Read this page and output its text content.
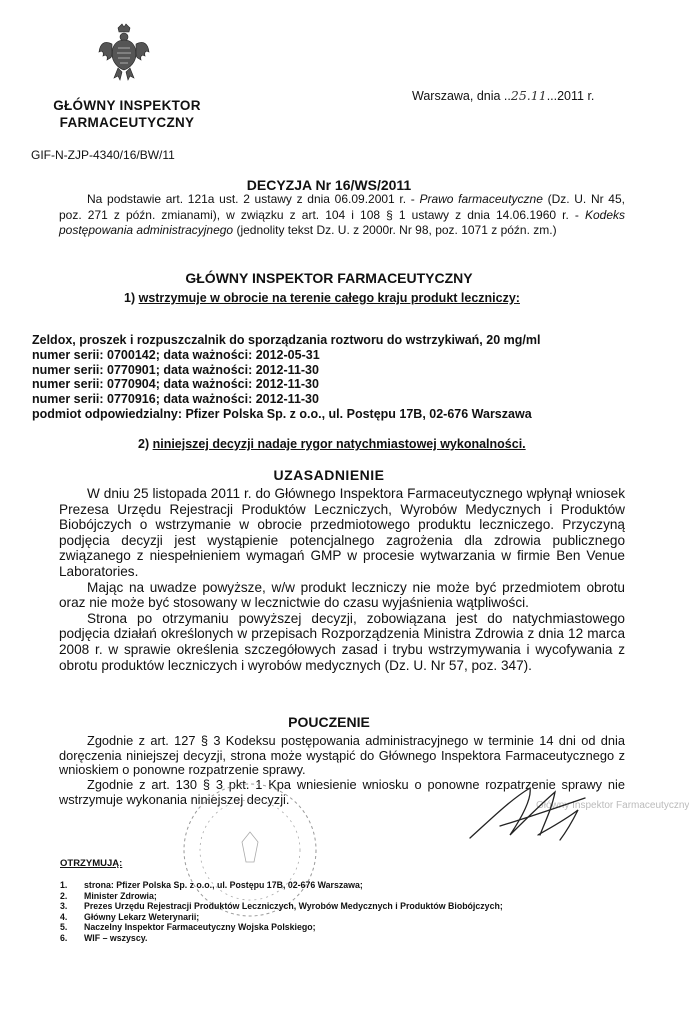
GŁÓWNY INSPEKTOR
FARMACEUTYCZNY
Warszawa, dnia ..25.11...2011 r.
GIF-N-ZJP-4340/16/BW/11
DECYZJA Nr 16/WS/2011
Na podstawie art. 121a ust. 2 ustawy z dnia 06.09.2001 r. - Prawo farmaceutyczne (Dz. U. Nr 45, poz. 271 z późn. zmianami), w związku z art. 104 i 108 § 1 ustawy z dnia 14.06.1960 r. - Kodeks postępowania administracyjnego (jednolity tekst Dz. U. z 2000r. Nr 98, poz. 1071 z późn. zm.)
GŁÓWNY INSPEKTOR FARMACEUTYCZNY
1) wstrzymuje w obrocie na terenie całego kraju produkt leczniczy:
Zeldox, proszek i rozpuszczalnik do sporządzania roztworu do wstrzykiwań, 20 mg/ml
numer serii: 0700142; data ważności: 2012-05-31
numer serii: 0770901; data ważności: 2012-11-30
numer serii: 0770904; data ważności: 2012-11-30
numer serii: 0770916; data ważności: 2012-11-30
podmiot odpowiedzialny: Pfizer Polska Sp. z o.o., ul. Postępu 17B, 02-676 Warszawa
2) niniejszej decyzji nadaje rygor natychmiastowej wykonalności.
UZASADNIENIE

W dniu 25 listopada 2011 r. do Głównego Inspektora Farmaceutycznego wpłynął wniosek Prezesa Urzędu Rejestracji Produktów Leczniczych, Wyrobów Medycznych i Produktów Biobójczych o wstrzymanie w obrocie przedmiotowego produktu leczniczego. Przyczyną podjęcia decyzji jest wystąpienie potencjalnego zagrożenia dla zdrowia publicznego związanego z niespełnieniem wymagań GMP w procesie wytwarzania w firmie Ben Venue Laboratories.

Mając na uwadze powyższe, w/w produkt leczniczy nie może być przedmiotem obrotu oraz nie może być stosowany w lecznictwie do czasu wyjaśnienia wątpliwości.

Strona po otrzymaniu powyższej decyzji, zobowiązana jest do natychmiastowego podjęcia działań określonych w przepisach Rozporządzenia Ministra Zdrowia z dnia 12 marca 2008 r. w sprawie określenia szczegółowych zasad i trybu wstrzymywania i wycofywania z obrotu produktów leczniczych i wyrobów medycznych (Dz. U. Nr 57, poz. 347).

POUCZENIE

Zgodnie z art. 127 § 3 Kodeksu postępowania administracyjnego w terminie 14 dni od dnia doręczenia niniejszej decyzji, strona może wystąpić do Głównego Inspektora Farmaceutycznego z wnioskiem o ponowne rozpatrzenie sprawy.

Zgodnie z art. 130 § 3 pkt. 1 Kpa wniesienie wniosku o ponowne rozpatrzenie sprawy nie wstrzymuje wykonania niniejszej decyzji.	Główny Inspektor Farmaceutyczny
OTRZYMUJĄ:
1.	strona: Pfizer Polska Sp. z o.o., ul. Postępu 17B, 02-676 Warszawa;
2.	Minister Zdrowia;
3.	Prezes Urzędu Rejestracji Produktów Leczniczych, Wyrobów Medycznych i Produktów Biobójczych;
4.	Główny Lekarz Weterynarii;
5.	Naczelny Inspektor Farmaceutyczny Wojska Polskiego;
6.	WIF – wszyscy.
